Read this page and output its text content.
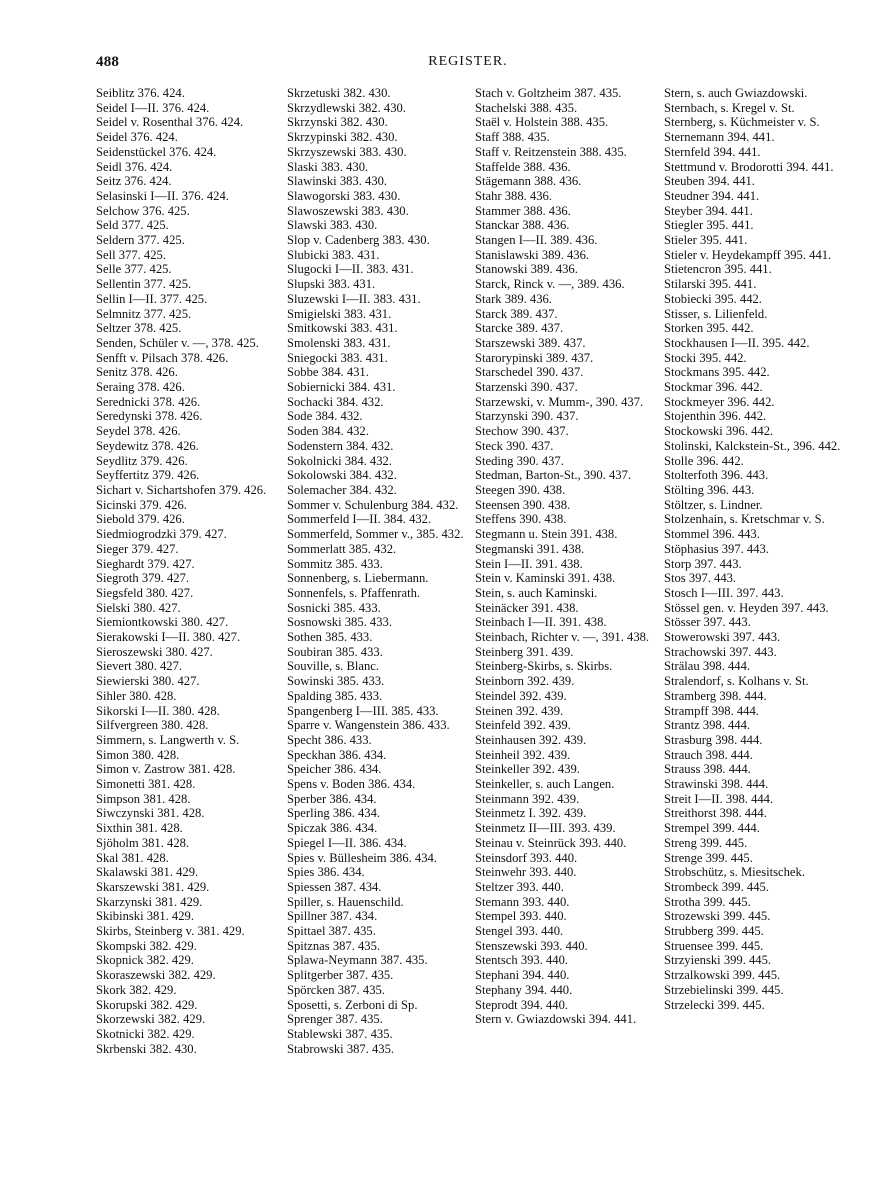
488	REGISTER.
Seiblitz 376. 424.
Seidel I—II. 376. 424.
Seidel v. Rosenthal 376. 424.
Seidel 376. 424.
Seidenstückel 376. 424.
Seidl 376. 424.
Seitz 376. 424.
Selasinski I—II. 376. 424.
Selchow 376. 425.
Seld 377. 425.
Seldern 377. 425.
Sell 377. 425.
Selle 377. 425.
Sellentin 377. 425.
Sellin I—II. 377. 425.
Selmnitz 377. 425.
Seltzer 378. 425.
Senden, Schüler v. —, 378. 425.
Senfft v. Pilsach 378. 426.
Senitz 378. 426.
Seraing 378. 426.
Serednicki 378. 426.
Seredynski 378. 426.
Seydel 378. 426.
Seydewitz 378. 426.
Seydlitz 379. 426.
Seyffertitz 379. 426.
Sichart v. Sichartshofen 379. 426.
Sicinski 379. 426.
Siebold 379. 426.
Siedmiogrodzki 379. 427.
Sieger 379. 427.
Sieghardt 379. 427.
Siegroth 379. 427.
Siegsfeld 380. 427.
Sielski 380. 427.
Siemiontkowski 380. 427.
Sierakowski I—II. 380. 427.
Sieroszewski 380. 427.
Sievert 380. 427.
Siewierski 380. 427.
Sihler 380. 428.
Sikorski I—II. 380. 428.
Silfvergreen 380. 428.
Simmern, s. Langwerth v. S.
Simon 380. 428.
Simon v. Zastrow 381. 428.
Simonetti 381. 428.
Simpson 381. 428.
Siwczynski 381. 428.
Sixthin 381. 428.
Sjöholm 381. 428.
Skal 381. 428.
Skalawski 381. 429.
Skarszewski 381. 429.
Skarzynski 381. 429.
Skibinski 381. 429.
Skirbs, Steinberg v. 381. 429.
Skompski 382. 429.
Skopnick 382. 429.
Skoraszewski 382. 429.
Skork 382. 429.
Skorupski 382. 429.
Skorzewski 382. 429.
Skotnicki 382. 429.
Skrbenski 382. 430.
Skrzetuski 382. 430.
Skrzydlewski 382. 430.
Skrzynski 382. 430.
Skrzypinski 382. 430.
Skrzyszewski 383. 430.
Slaski 383. 430.
Slawinski 383. 430.
Slawogorski 383. 430.
Slawoszewski 383. 430.
Slawski 383. 430.
Slop v. Cadenberg 383. 430.
Slubicki 383. 431.
Slugocki I—II. 383. 431.
Slupski 383. 431.
Sluzewski I—II. 383. 431.
Smigielski 383. 431.
Smitkowski 383. 431.
Smolenski 383. 431.
Sniegocki 383. 431.
Sobbe 384. 431.
Sobiernicki 384. 431.
Sochacki 384. 432.
Sode 384. 432.
Soden 384. 432.
Sodenstern 384. 432.
Sokolnicki 384. 432.
Sokolowski 384. 432.
Solemacher 384. 432.
Sommer v. Schulenburg 384. 432.
Sommerfeld I—II. 384. 432.
Sommerfeld, Sommer v., 385. 432.
Sommerlatt 385. 432.
Sommitz 385. 433.
Sonnenberg, s. Liebermann.
Sonnenfels, s. Pfaffenrath.
Sosnicki 385. 433.
Sosnowski 385. 433.
Sothen 385. 433.
Soubiran 385. 433.
Souville, s. Blanc.
Sowinski 385. 433.
Spalding 385. 433.
Spangenberg I—III. 385. 433.
Sparre v. Wangenstein 386. 433.
Specht 386. 433.
Speckhan 386. 434.
Speicher 386. 434.
Spens v. Boden 386. 434.
Sperber 386. 434.
Sperling 386. 434.
Spiczak 386. 434.
Spiegel I—II. 386. 434.
Spies v. Büllesheim 386. 434.
Spies 386. 434.
Spiessen 387. 434.
Spiller, s. Hauenschild.
Spillner 387. 434.
Spittael 387. 435.
Spitznas 387. 435.
Splawa-Neymann 387. 435.
Splitgerber 387. 435.
Spörcken 387. 435.
Sposetti, s. Zerboni di Sp.
Sprenger 387. 435.
Stablewski 387. 435.
Stabrowski 387. 435.
Stach v. Goltzheim 387. 435.
Stachelski 388. 435.
Staël v. Holstein 388. 435.
Staff 388. 435.
Staff v. Reitzenstein 388. 435.
Staffelde 388. 436.
Stägemann 388. 436.
Stahr 388. 436.
Stammer 388. 436.
Stanckar 388. 436.
Stangen I—II. 389. 436.
Stanislawski 389. 436.
Stanowski 389. 436.
Starck, Rinck v. —, 389. 436.
Stark 389. 436.
Starck 389. 437.
Starcke 389. 437.
Starszewski 389. 437.
Starorypinski 389. 437.
Starschedel 390. 437.
Starzenski 390. 437.
Starzewski, v. Mumm-, 390. 437.
Starzynski 390. 437.
Stechow 390. 437.
Steck 390. 437.
Steding 390. 437.
Stedman, Barton-St., 390. 437.
Steegen 390. 438.
Steensen 390. 438.
Steffens 390. 438.
Stegmann u. Stein 391. 438.
Stegmanski 391. 438.
Stein I—II. 391. 438.
Stein v. Kaminski 391. 438.
Stein, s. auch Kaminski.
Steinäcker 391. 438.
Steinbach I—II. 391. 438.
Steinbach, Richter v. —, 391. 438.
Steinberg 391. 439.
Steinberg-Skirbs, s. Skirbs.
Steinborn 392. 439.
Steindel 392. 439.
Steinen 392. 439.
Steinfeld 392. 439.
Steinhausen 392. 439.
Steinheil 392. 439.
Steinkeller 392. 439.
Steinkeller, s. auch Langen.
Steinmann 392. 439.
Steinmetz I. 392. 439.
Steinmetz II—III. 393. 439.
Steinau v. Steinrück 393. 440.
Steinsdorf 393. 440.
Steinwehr 393. 440.
Steltzer 393. 440.
Stemann 393. 440.
Stempel 393. 440.
Stengel 393. 440.
Stenszewski 393. 440.
Stentsch 393. 440.
Stephani 394. 440.
Stephany 394. 440.
Steprodt 394. 440.
Stern v. Gwiazdowski 394. 441.
Stern, s. auch Gwiazdowski.
Sternbach, s. Kregel v. St.
Sternberg, s. Küchmeister v. S.
Sternemann 394. 441.
Sternfeld 394. 441.
Stettmund v. Brodorotti 394. 441.
Steuben 394. 441.
Steudner 394. 441.
Steyber 394. 441.
Stiegler 395. 441.
Stieler 395. 441.
Stieler v. Heydekampff 395. 441.
Stietencron 395. 441.
Stilarski 395. 441.
Stobiecki 395. 442.
Stisser, s. Lilienfeld.
Storken 395. 442.
Stockhausen I—II. 395. 442.
Stocki 395. 442.
Stockmans 395. 442.
Stockmar 396. 442.
Stockmeyer 396. 442.
Stojenthin 396. 442.
Stockowski 396. 442.
Stolinski, Kalckstein-St., 396. 442.
Stolle 396. 442.
Stolterfoth 396. 443.
Stölting 396. 443.
Stöltzer, s. Lindner.
Stolzenhain, s. Kretschmar v. S.
Stommel 396. 443.
Stöphasius 397. 443.
Storp 397. 443.
Stos 397. 443.
Stosch I—III. 397. 443.
Stössel gen. v. Heyden 397. 443.
Stösser 397. 443.
Stowerowski 397. 443.
Strachowski 397. 443.
Strälau 398. 444.
Stralendorf, s. Kolhans v. St.
Stramberg 398. 444.
Strampff 398. 444.
Strantz 398. 444.
Strasburg 398. 444.
Strauch 398. 444.
Strauss 398. 444.
Strawinski 398. 444.
Streit I—II. 398. 444.
Streithorst 398. 444.
Strempel 399. 444.
Streng 399. 445.
Strenge 399. 445.
Strobschütz, s. Miesitschek.
Strombeck 399. 445.
Strotha 399. 445.
Strozewski 399. 445.
Strubberg 399. 445.
Struensee 399. 445.
Strzyienski 399. 445.
Strzalkowski 399. 445.
Strzebielinski 399. 445.
Strzelecki 399. 445.
